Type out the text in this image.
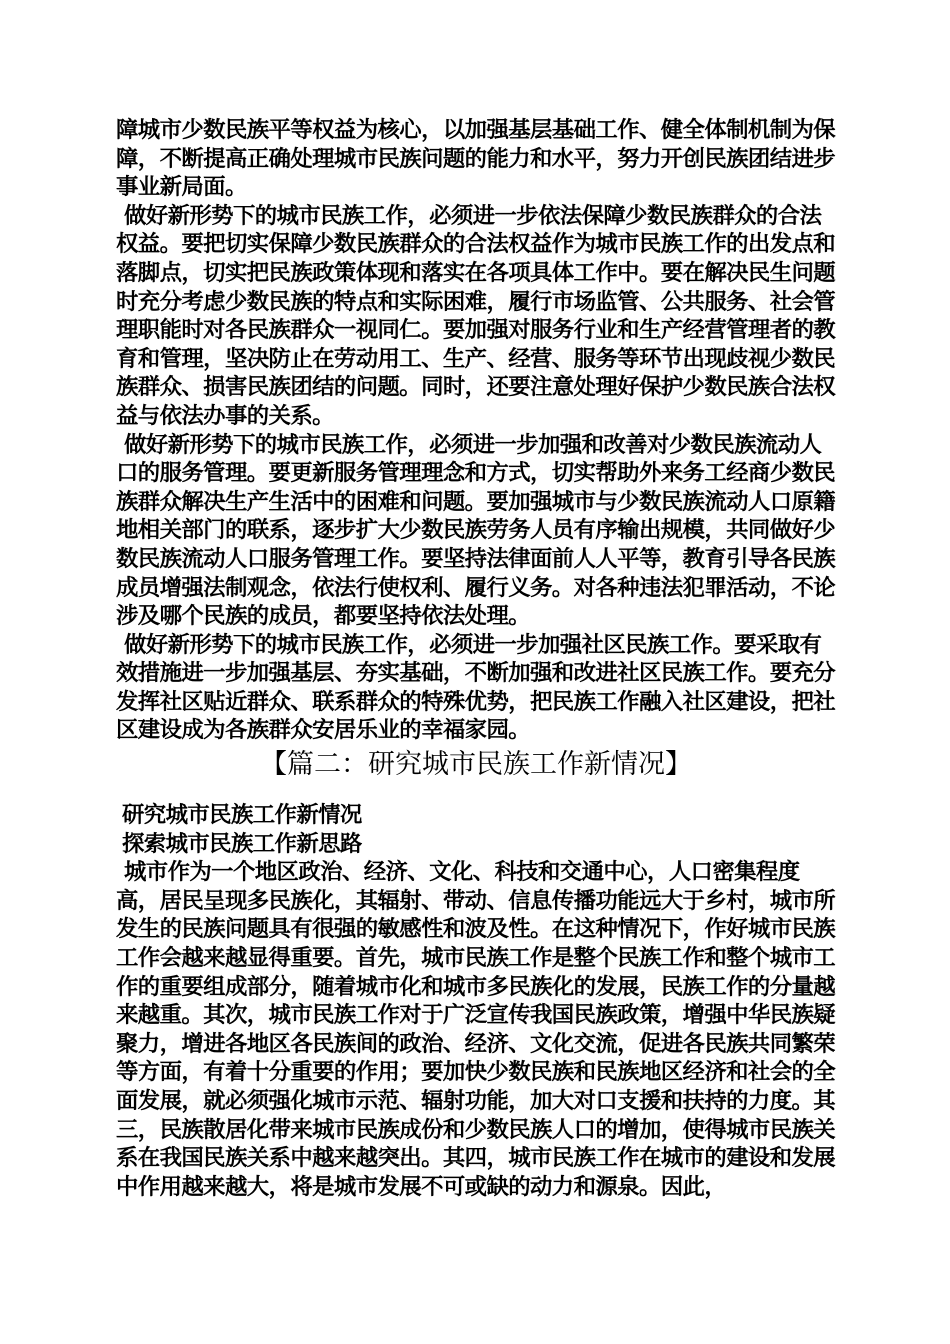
障城市少数民族平等权益为核心，以加强基层基础工作、健全体制机制为保障，不断提高正确处理城市民族问题的能力和水平，努力开创民族团结进步事业新局面。

做好新形势下的城市民族工作，必须进一步依法保障少数民族群众的合法权益。要把切实保障少数民族群众的合法权益作为城市民族工作的出发点和落脚点，切实把民族政策体现和落实在各项具体工作中。要在解决民生问题时充分考虑少数民族的特点和实际困难，履行市场监管、公共服务、社会管理职能时对各民族群众一视同仁。要加强对服务行业和生产经营管理者的教育和管理，坚决防止在劳动用工、生产、经营、服务等环节出现歧视少数民族群众、损害民族团结的问题。同时，还要注意处理好保护少数民族合法权益与依法办事的关系。

做好新形势下的城市民族工作，必须进一步加强和改善对少数民族流动人口的服务管理。要更新服务管理理念和方式，切实帮助外来务工经商少数民族群众解决生产生活中的困难和问题。要加强城市与少数民族流动人口原籍地相关部门的联系，逐步扩大少数民族劳务人员有序输出规模，共同做好少数民族流动人口服务管理工作。要坚持法律面前人人平等，教育引导各民族成员增强法制观念，依法行使权利、履行义务。对各种违法犯罪活动，不论涉及哪个民族的成员，都要坚持依法处理。

做好新形势下的城市民族工作，必须进一步加强社区民族工作。要采取有效措施进一步加强基层、夯实基础，不断加强和改进社区民族工作。要充分发挥社区贴近群众、联系群众的特殊优势，把民族工作融入社区建设，把社区建设成为各族群众安居乐业的幸福家园。

【篇二：研究城市民族工作新情况】

研究城市民族工作新情况

探索城市民族工作新思路

城市作为一个地区政治、经济、文化、科技和交通中心，人口密集程度高，居民呈现多民族化，其辐射、带动、信息传播功能远大于乡村，城市所发生的民族问题具有很强的敏感性和波及性。在这种情况下，作好城市民族工作会越来越显得重要。首先，城市民族工作是整个民族工作和整个城市工作的重要组成部分，随着城市化和城市多民族化的发展，民族工作的分量越来越重。其次，城市民族工作对于广泛宣传我国民族政策，增强中华民族疑聚力，增进各地区各民族间的政治、经济、文化交流，促进各民族共同繁荣等方面，有着十分重要的作用；要加快少数民族和民族地区经济和社会的全面发展，就必须强化城市示范、辐射功能，加大对口支援和扶持的力度。其三，民族散居化带来城市民族成份和少数民族人口的增加，使得城市民族关系在我国民族关系中越来越突出。其四，城市民族工作在城市的建设和发展中作用越来越大，将是城市发展不可或缺的动力和源泉。因此，
